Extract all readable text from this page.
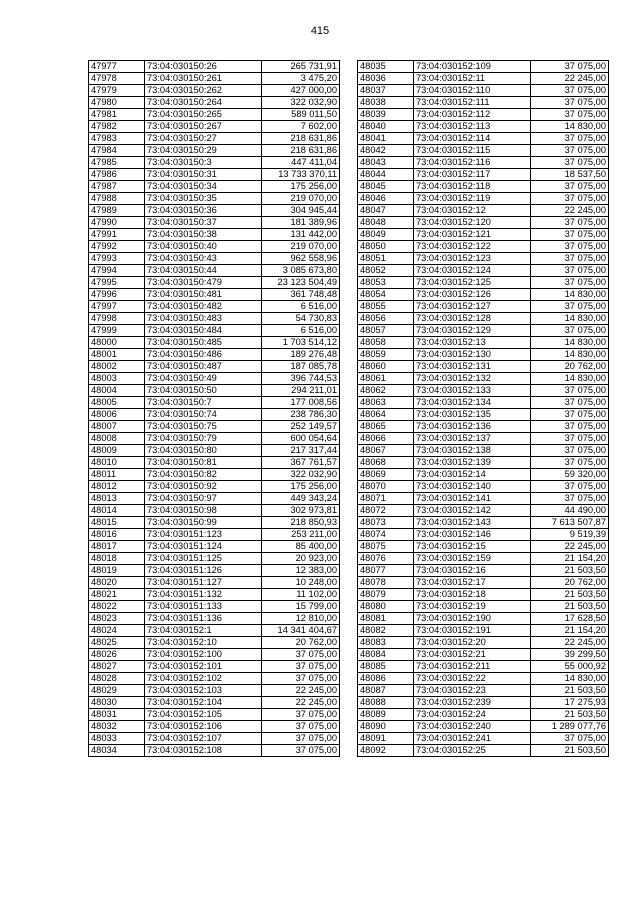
415
47977	73:04:030150:26	265 731,91
47978	73:04:030150:261	3 475,20
47979	73:04:030150:262	427 000,00
47980	73:04:030150:264	322 032,90
47981	73:04:030150:265	589 011,50
47982	73:04:030150:267	7 602,00
47983	73:04:030150:27	218 631,86
47984	73:04:030150:29	218 631,86
47985	73:04:030150:3	447 411,04
47986	73:04:030150:31	13 733 370,11
47987	73:04:030150:34	175 256,00
47988	73:04:030150:35	219 070,00
47989	73:04:030150:36	304 945,44
47990	73:04:030150:37	181 389,96
47991	73:04:030150:38	131 442,00
47992	73:04:030150:40	219 070,00
47993	73:04:030150:43	962 558,96
47994	73:04:030150:44	3 085 673,80
47995	73:04:030150:479	23 123 504,49
47996	73:04:030150:481	361 748,48
47997	73:04:030150:482	6 516,00
47998	73:04:030150:483	54 730,83
47999	73:04:030150:484	6 516,00
48000	73:04:030150:485	1 703 514,12
48001	73:04:030150:486	189 276,48
48002	73:04:030150:487	187 085,78
48003	73:04:030150:49	396 744,53
48004	73:04:030150:50	294 211,01
48005	73:04:030150:7	177 008,56
48006	73:04:030150:74	238 786,30
48007	73:04:030150:75	252 149,57
48008	73:04:030150:79	600 054,64
48009	73:04:030150:80	217 317,44
48010	73:04:030150:81	367 761,57
48011	73:04:030150:82	322 032,90
48012	73:04:030150:92	175 256,00
48013	73:04:030150:97	449 343,24
48014	73:04:030150:98	302 973,81
48015	73:04:030150:99	218 850,93
48016	73:04:030151:123	253 211,00
48017	73:04:030151:124	85 400,00
48018	73:04:030151:125	20 923,00
48019	73:04:030151:126	12 383,00
48020	73:04:030151:127	10 248,00
48021	73:04:030151:132	11 102,00
48022	73:04:030151:133	15 799,00
48023	73:04:030151:136	12 810,00
48024	73:04:030152:1	14 341 404,67
48025	73:04:030152:10	20 762,00
48026	73:04:030152:100	37 075,00
48027	73:04:030152:101	37 075,00
48028	73:04:030152:102	37 075,00
48029	73:04:030152:103	22 245,00
48030	73:04:030152:104	22 245,00
48031	73:04:030152:105	37 075,00
48032	73:04:030152:106	37 075,00
48033	73:04:030152:107	37 075,00
48034	73:04:030152:108	37 075,00
48035	73:04:030152:109	37 075,00
48036	73:04:030152:11	22 245,00
48037	73:04:030152:110	37 075,00
48038	73:04:030152:111	37 075,00
48039	73:04:030152:112	37 075,00
48040	73:04:030152:113	14 830,00
48041	73:04:030152:114	37 075,00
48042	73:04:030152:115	37 075,00
48043	73:04:030152:116	37 075,00
48044	73:04:030152:117	18 537,50
48045	73:04:030152:118	37 075,00
48046	73:04:030152:119	37 075,00
48047	73:04:030152:12	22 245,00
48048	73:04:030152:120	37 075,00
48049	73:04:030152:121	37 075,00
48050	73:04:030152:122	37 075,00
48051	73:04:030152:123	37 075,00
48052	73:04:030152:124	37 075,00
48053	73:04:030152:125	37 075,00
48054	73:04:030152:126	14 830,00
48055	73:04:030152:127	37 075,00
48056	73:04:030152:128	14 830,00
48057	73:04:030152:129	37 075,00
48058	73:04:030152:13	14 830,00
48059	73:04:030152:130	14 830,00
48060	73:04:030152:131	20 762,00
48061	73:04:030152:132	14 830,00
48062	73:04:030152:133	37 075,00
48063	73:04:030152:134	37 075,00
48064	73:04:030152:135	37 075,00
48065	73:04:030152:136	37 075,00
48066	73:04:030152:137	37 075,00
48067	73:04:030152:138	37 075,00
48068	73:04:030152:139	37 075,00
48069	73:04:030152:14	59 320,00
48070	73:04:030152:140	37 075,00
48071	73:04:030152:141	37 075,00
48072	73:04:030152:142	44 490,00
48073	73:04:030152:143	7 613 507,87
48074	73:04:030152:146	9 519,39
48075	73:04:030152:15	22 245,00
48076	73:04:030152:159	21 154,20
48077	73:04:030152:16	21 503,50
48078	73:04:030152:17	20 762,00
48079	73:04:030152:18	21 503,50
48080	73:04:030152:19	21 503,50
48081	73:04:030152:190	17 628,50
48082	73:04:030152:191	21 154,20
48083	73:04:030152:20	22 245,00
48084	73:04:030152:21	39 299,50
48085	73:04:030152:211	55 000,92
48086	73:04:030152:22	14 830,00
48087	73:04:030152:23	21 503,50
48088	73:04:030152:239	17 275,93
48089	73:04:030152:24	21 503,50
48090	73:04:030152:240	1 289 077,76
48091	73:04:030152:241	37 075,00
48092	73:04:030152:25	21 503,50
